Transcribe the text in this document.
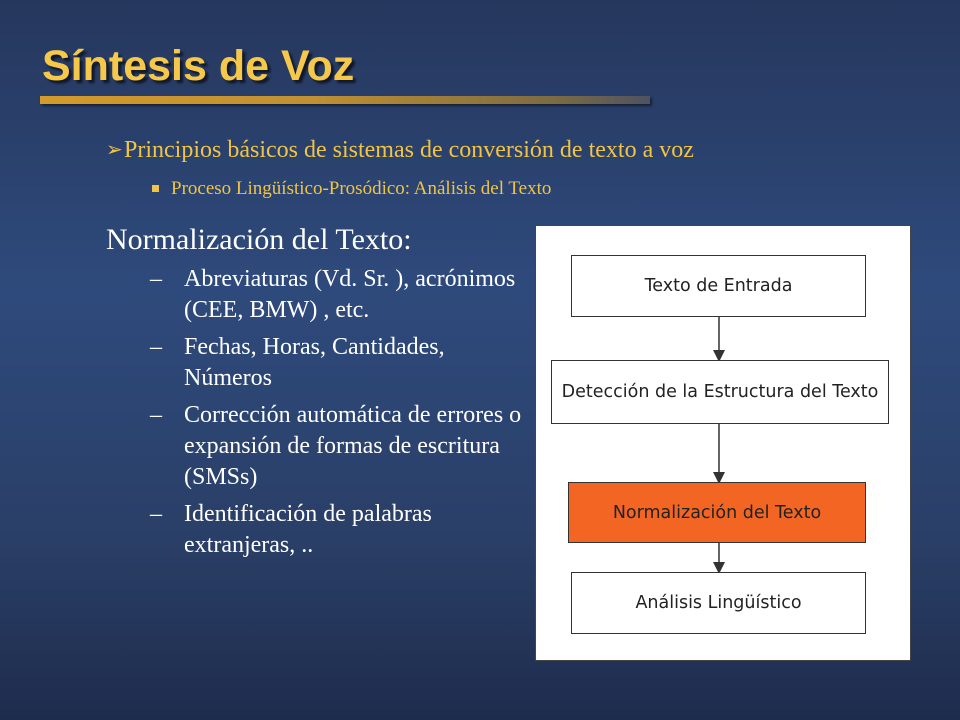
Síntesis de Voz
➢ Principios básicos de sistemas de conversión de texto a voz
Proceso Lingüístico-Prosódico: Análisis del Texto
Normalización del Texto:
– Abreviaturas (Vd. Sr. ), acrónimos (CEE, BMW) , etc.
– Fechas, Horas, Cantidades, Números
– Corrección automática de errores o expansión de formas de escritura (SMSs)
– Identificación de palabras extranjeras, ..
Texto de Entrada
Detección de la Estructura del Texto
Normalización del Texto
Análisis Lingüístico
